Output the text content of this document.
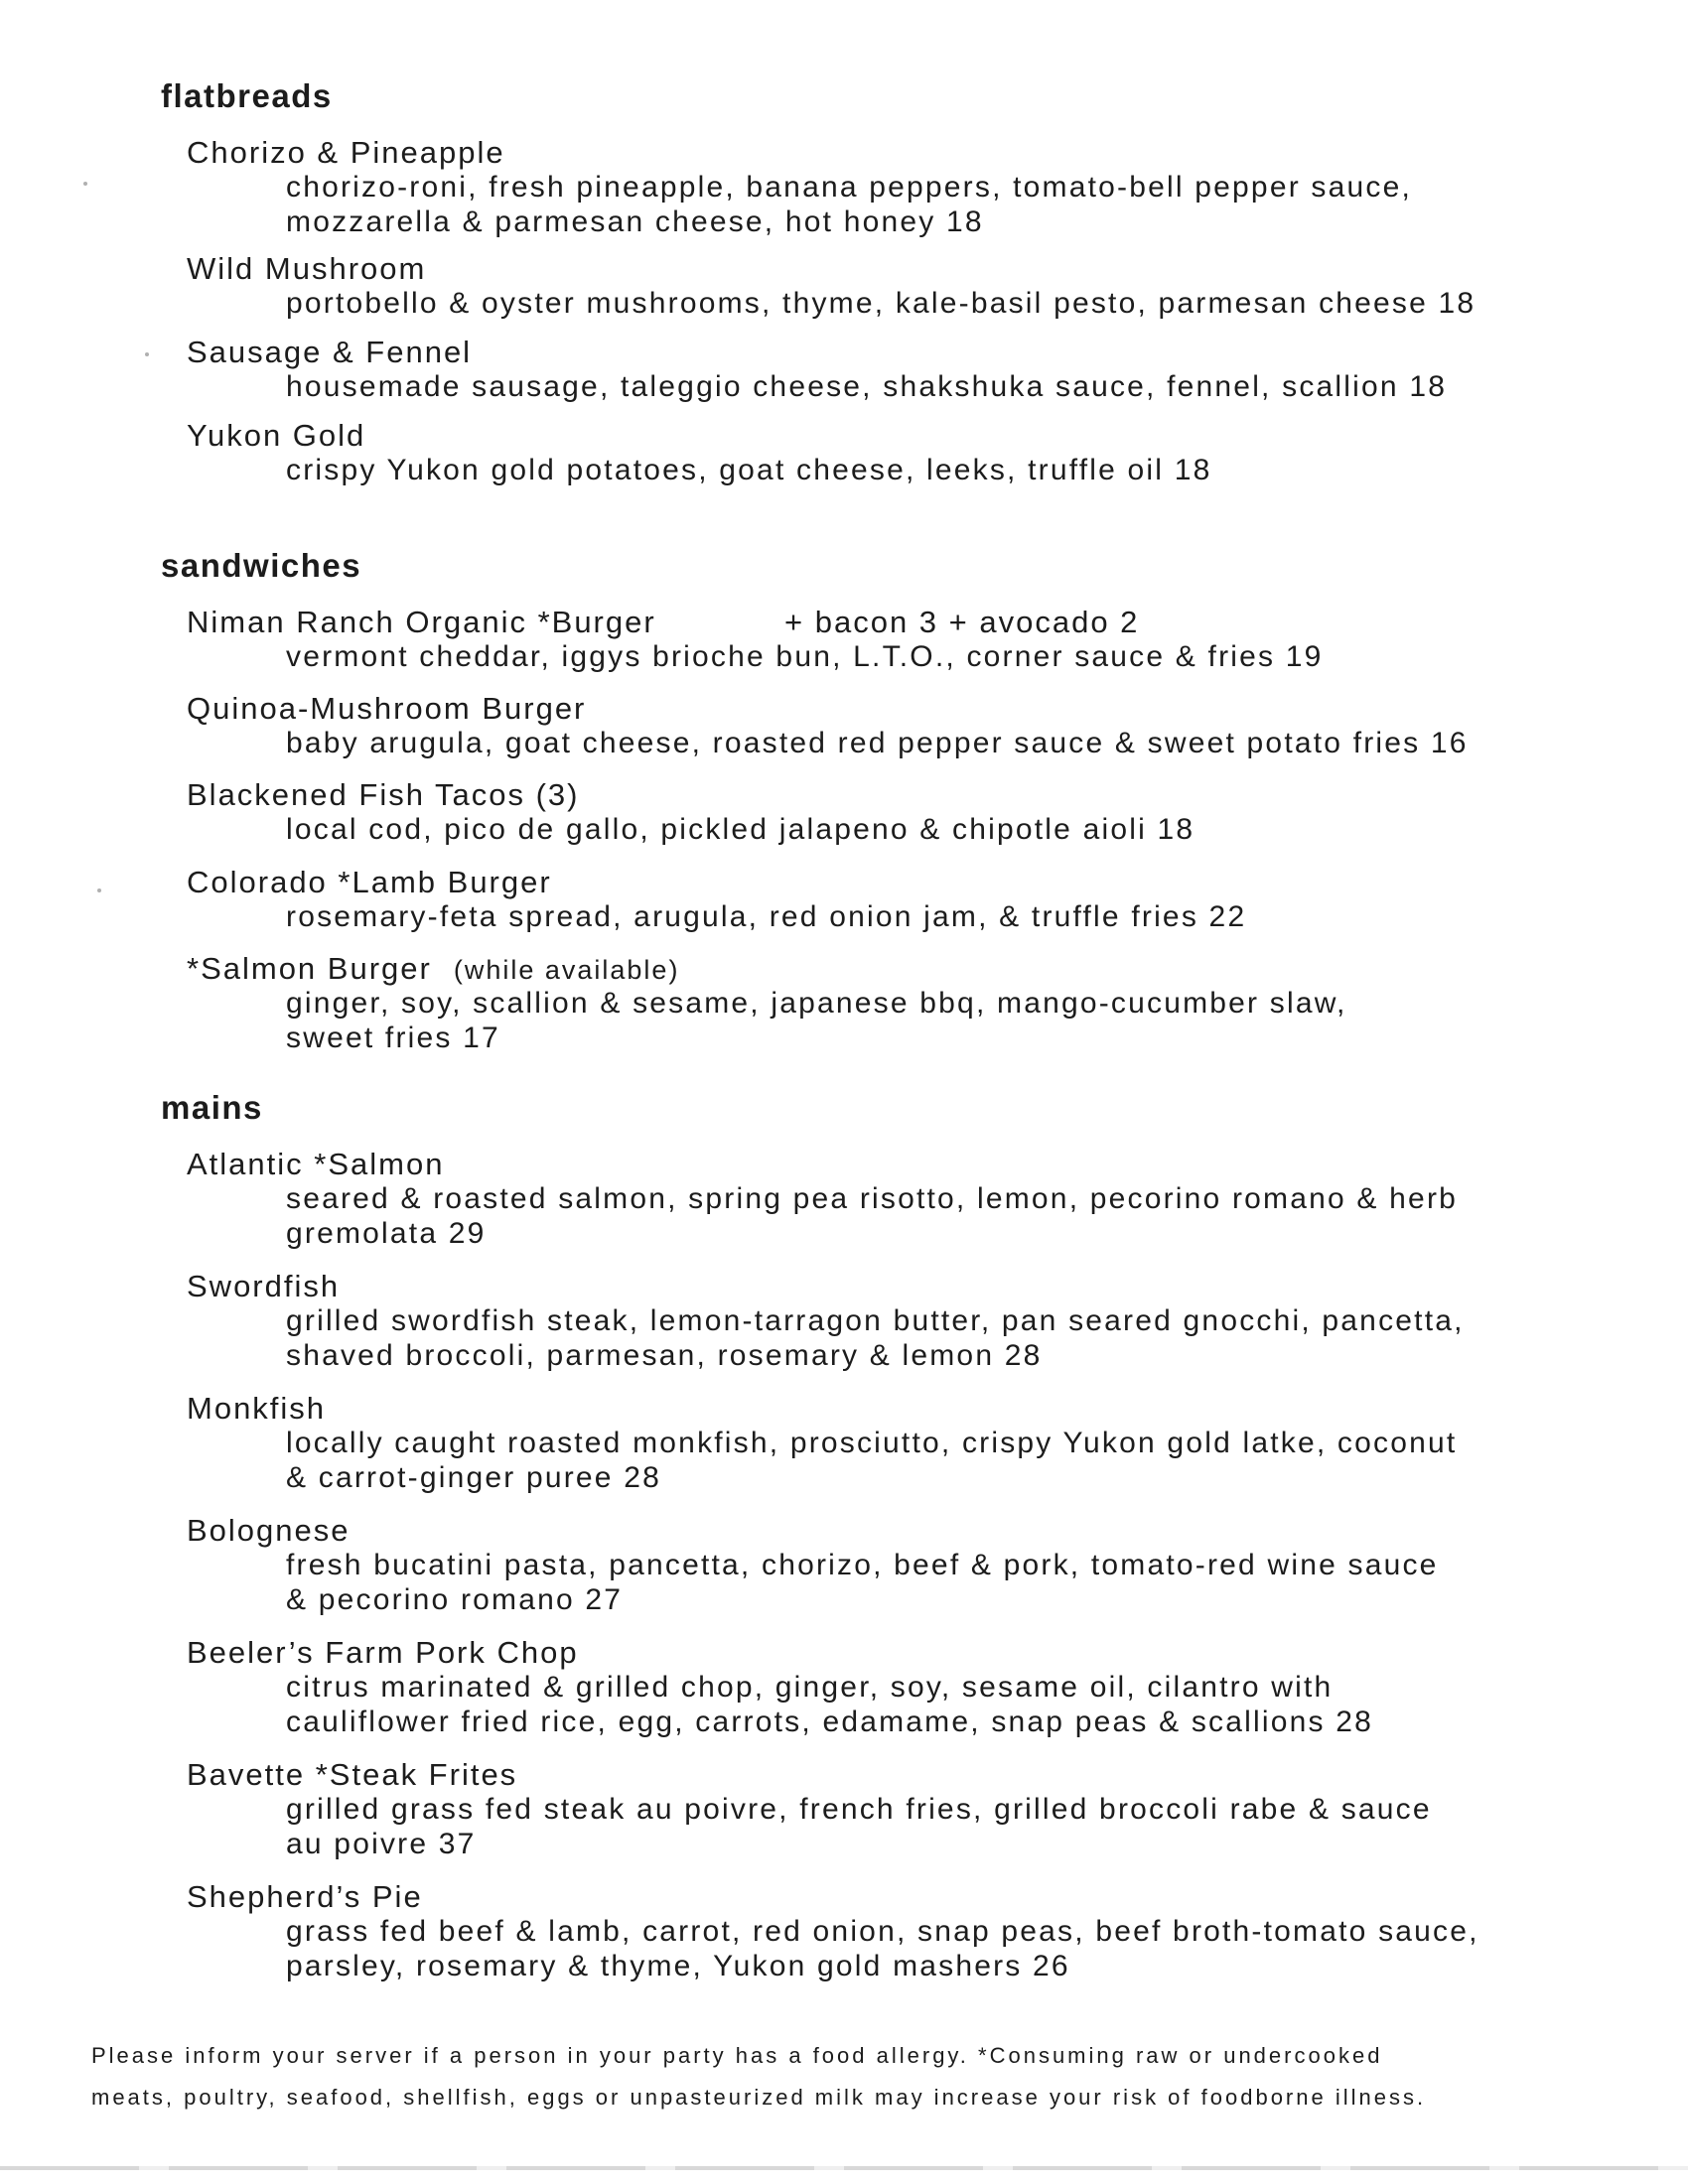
flatbreads
Chorizo & Pineapple
chorizo-roni, fresh pineapple, banana peppers, tomato-bell pepper sauce,
mozzarella & parmesan cheese, hot honey 18
Wild Mushroom
portobello & oyster mushrooms, thyme, kale-basil pesto, parmesan cheese 18
Sausage & Fennel
housemade sausage, taleggio cheese, shakshuka sauce, fennel, scallion 18
Yukon Gold
crispy Yukon gold potatoes, goat cheese, leeks, truffle oil 18
sandwiches
Niman Ranch Organic *Burger	+ bacon 3 + avocado 2
vermont cheddar, iggys brioche bun, L.T.O., corner sauce & fries 19
Quinoa-Mushroom Burger
baby arugula, goat cheese, roasted red pepper sauce & sweet potato fries 16
Blackened Fish Tacos (3)
local cod, pico de gallo, pickled jalapeno & chipotle aioli 18
Colorado *Lamb Burger
rosemary-feta spread, arugula, red onion jam, & truffle fries 22
*Salmon Burger (while available)
ginger, soy, scallion & sesame, japanese bbq, mango-cucumber slaw,
sweet fries 17
mains
Atlantic *Salmon
seared & roasted salmon, spring pea risotto, lemon, pecorino romano & herb
gremolata 29
Swordfish
grilled swordfish steak, lemon-tarragon butter, pan seared gnocchi, pancetta,
shaved broccoli, parmesan, rosemary & lemon 28
Monkfish
locally caught roasted monkfish, prosciutto, crispy Yukon gold latke, coconut
& carrot-ginger puree 28
Bolognese
fresh bucatini pasta, pancetta, chorizo, beef & pork, tomato-red wine sauce
& pecorino romano 27
Beeler’s Farm Pork Chop
citrus marinated & grilled chop, ginger, soy, sesame oil, cilantro with
cauliflower fried rice, egg, carrots, edamame, snap peas & scallions 28
Bavette *Steak Frites
grilled grass fed steak au poivre, french fries, grilled broccoli rabe & sauce
au poivre 37
Shepherd’s Pie
grass fed beef & lamb, carrot, red onion, snap peas, beef broth-tomato sauce,
parsley, rosemary & thyme, Yukon gold mashers 26
Please inform your server if a person in your party has a food allergy. *Consuming raw or undercooked
meats, poultry, seafood, shellfish, eggs or unpasteurized milk may increase your risk of foodborne illness.
